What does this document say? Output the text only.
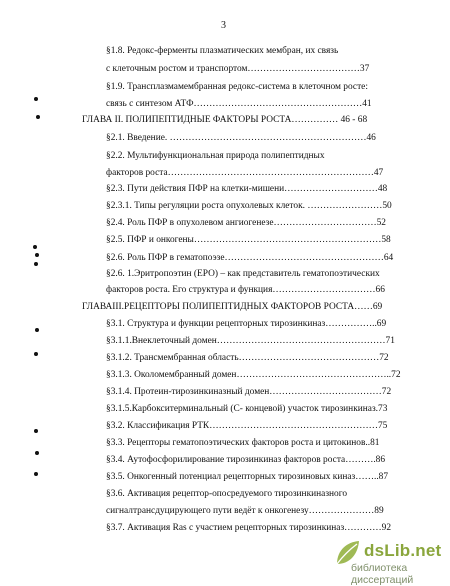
3
§1.8. Редокс-ферменты плазматических мембран, их связь
с клеточным ростом и транспортом………………………………37
§1.9. Трансплазмамембранная редокс-система в клеточном росте:
связь с синтезом АТФ………………………………………………41
ГЛАВА II. ПОЛИПЕПТИДНЫЕ ФАКТОРЫ РОСТА…………… 46 - 68
§2.1. Введение. ………………………………………………………46
§2.2. Мультифункциональная природа полипептидных
факторов роста…………………………………………………………47
§2.3. Пути действия ПФР на клетки-мишени…………………………48
§2.3.1. Типы регуляции роста опухолевых клеток. ……………………50
§2.4. Роль ПФР в опухолевом ангиогенезе……………………………52
§2.5. ПФР и онкогены……………………………………………………58
§2.6. Роль ПФР в гематопоэзе……………………………………………64
§2.6. 1.Эритропоэтин (ЕРО) – как представитель гематопоэтических
факторов роста. Его структура и функция……………………………66
ГЛАВАIII.РЕЦЕПТОРЫ ПОЛИПЕПТИДНЫХ ФАКТОРОВ РОСТА……69
§3.1. Структура и функции рецепторных тирозинкиназ……………..69
§3.1.1.Внеклеточный домен………………………………………………71
§3.1.2. Трансмембранная область………………………………………72
§3.1.3. Околомембранный домен…………………………………………..72
§3.1.4. Протеин-тирозинкиназный домен………………………………72
§3.1.5.Карбокситерминальный (С- концевой) участок тирозинкиназ.73
§3.2. Классификация РТК………………………………………………75
§3.3. Рецепторы гематопоэтических факторов роста и цитокинов..81
§3.4. Аутофосфорилирование тирозинкиназ факторов роста……….86
§3.5. Онкогенный потенциал рецепторных тирозиновых киназ……..87
§3.6. Активация рецептор-опосредуемого тирозинкиназного
сигналтрансдуцирующего пути ведёт к онкогенезу…………………89
§3.7. Активация Ras с участием рецепторных тирозинкиназ…………92
dsLib.net
библиотека диссертаций
